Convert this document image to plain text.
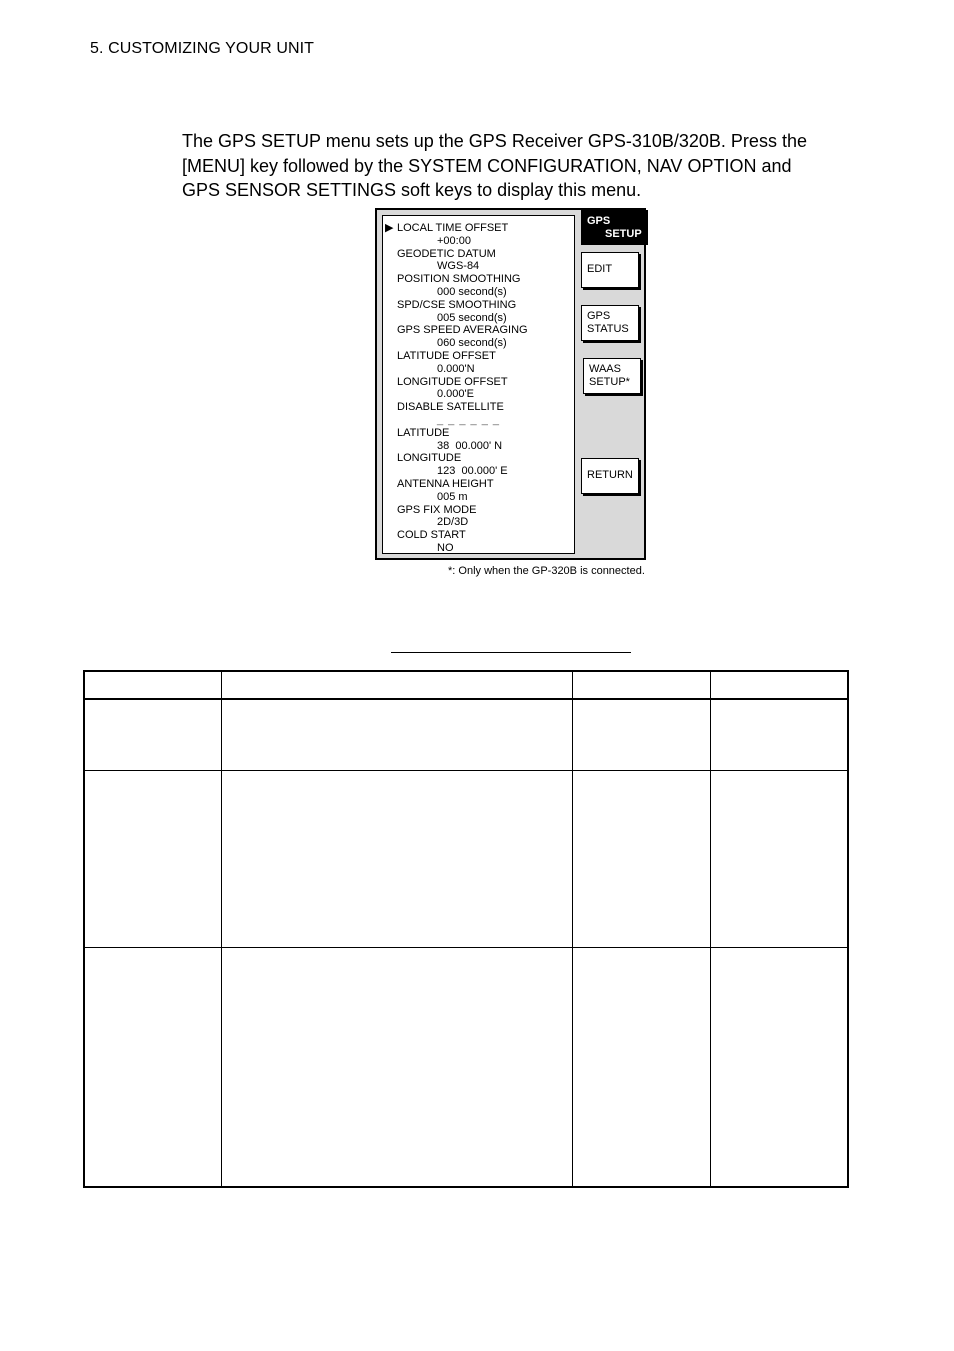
5. CUSTOMIZING YOUR UNIT
The GPS SETUP menu sets up the GPS Receiver GPS-310B/320B. Press the
[MENU] key followed by the SYSTEM CONFIGURATION, NAV OPTION and
GPS SENSOR SETTINGS soft keys to display this menu.
▶ LOCAL TIME OFFSET
+00:00
GEODETIC DATUM
WGS-84
POSITION SMOOTHING
000 second(s)
SPD/CSE SMOOTHING
005 second(s)
GPS SPEED AVERAGING
060 second(s)
LATITUDE OFFSET
0.000'N
LONGITUDE OFFSET
0.000'E
DISABLE SATELLITE
_ _ _ _ _ _
LATITUDE
38  00.000' N
LONGITUDE
123  00.000' E
ANTENNA HEIGHT
005 m
GPS FIX MODE
2D/3D
COLD START
NO
GPS
SETUP
EDIT
GPS
STATUS
WAAS
SETUP*
RETURN
*: Only when the GP-320B is connected.
